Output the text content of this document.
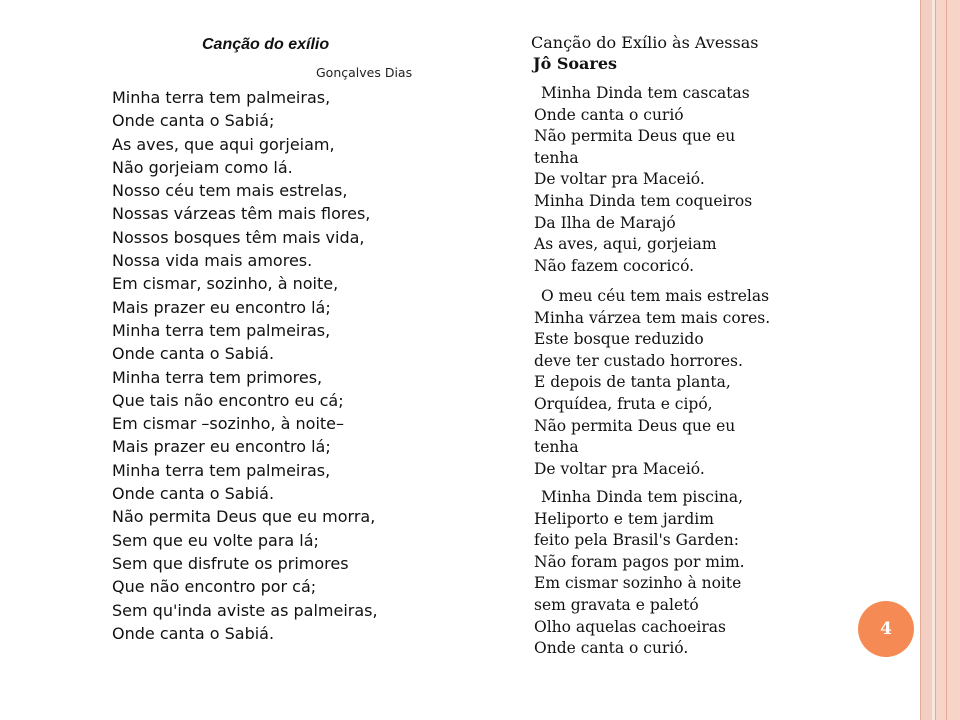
Canção do exílio
Gonçalves Dias
Minha terra tem palmeiras,
Onde canta o Sabiá;
As aves, que aqui gorjeiam,
Não gorjeiam como lá.
Nosso céu tem mais estrelas,
Nossas várzeas têm mais flores,
Nossos bosques têm mais vida,
Nossa vida mais amores.
Em cismar, sozinho, à noite,
Mais prazer eu encontro lá;
Minha terra tem palmeiras,
Onde canta o Sabiá.
Minha terra tem primores,
Que tais não encontro eu cá;
Em cismar –sozinho, à noite–
Mais prazer eu encontro lá;
Minha terra tem palmeiras,
Onde canta o Sabiá.
Não permita Deus que eu morra,
Sem que eu volte para lá;
Sem que disfrute os primores
Que não encontro por cá;
Sem qu'inda aviste as palmeiras,
Onde canta o Sabiá.
Canção do Exílio às Avessas
Jô Soares
Minha Dinda tem cascatas
Onde canta o curió
Não permita Deus que eu
tenha
De voltar pra Maceió.
Minha Dinda tem coqueiros
Da Ilha de Marajó
As aves, aqui, gorjeiam
Não fazem cocoricó.
O meu céu tem mais estrelas
Minha várzea tem mais cores.
Este bosque reduzido
deve ter custado horrores.
E depois de tanta planta,
Orquídea, fruta e cipó,
Não permita Deus que eu
tenha
De voltar pra Maceió.
Minha Dinda tem piscina,
Heliporto e tem jardim
feito pela Brasil's Garden:
Não foram pagos por mim.
Em cismar sozinho à noite
sem gravata e paletó
Olho aquelas cachoeiras
Onde canta o curió.
4
